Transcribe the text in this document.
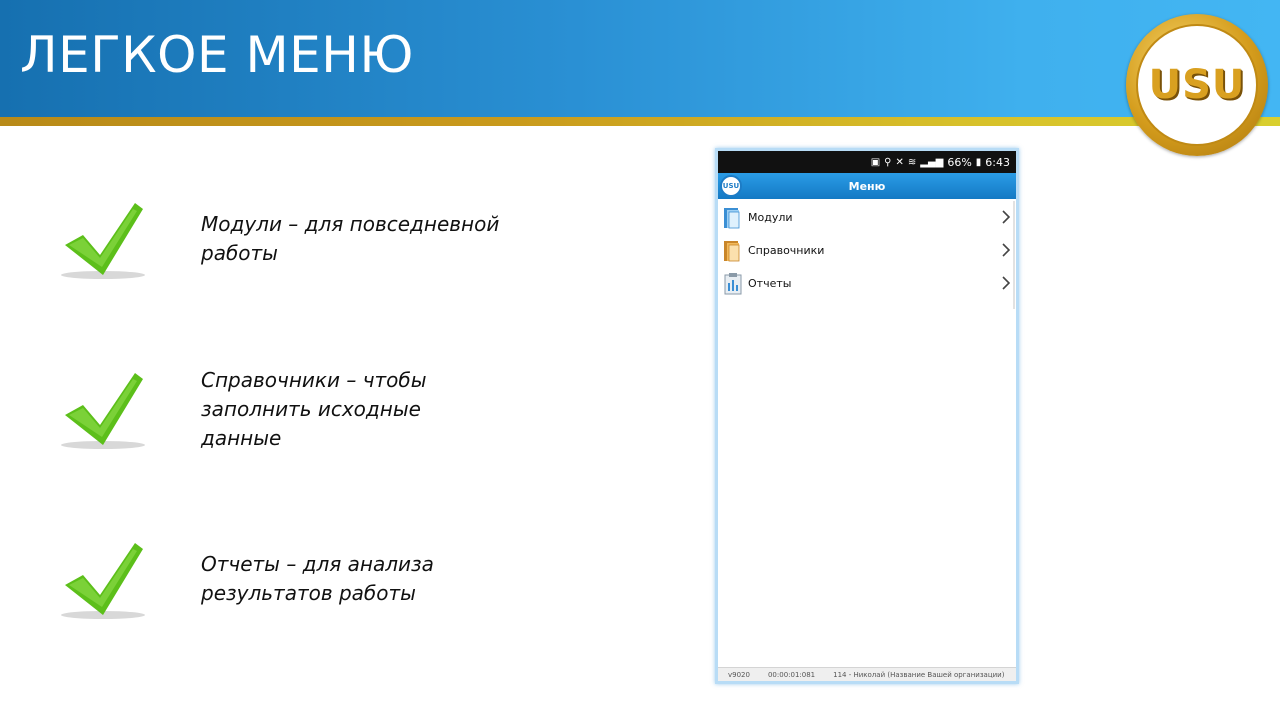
ЛЕГКОЕ МЕНЮ
USU
Модули – для повседневной
работы
Справочники – чтобы
заполнить исходные
данные
Отчеты – для анализа
результатов работы
▣ ⚲ ✕ ≋ ▂▄▆ 66% ▮ 6:43
USU	Меню
Модули
Справочники
Отчеты
v9020	00:00:01:081	114 - Николай (Название Вашей организации)
